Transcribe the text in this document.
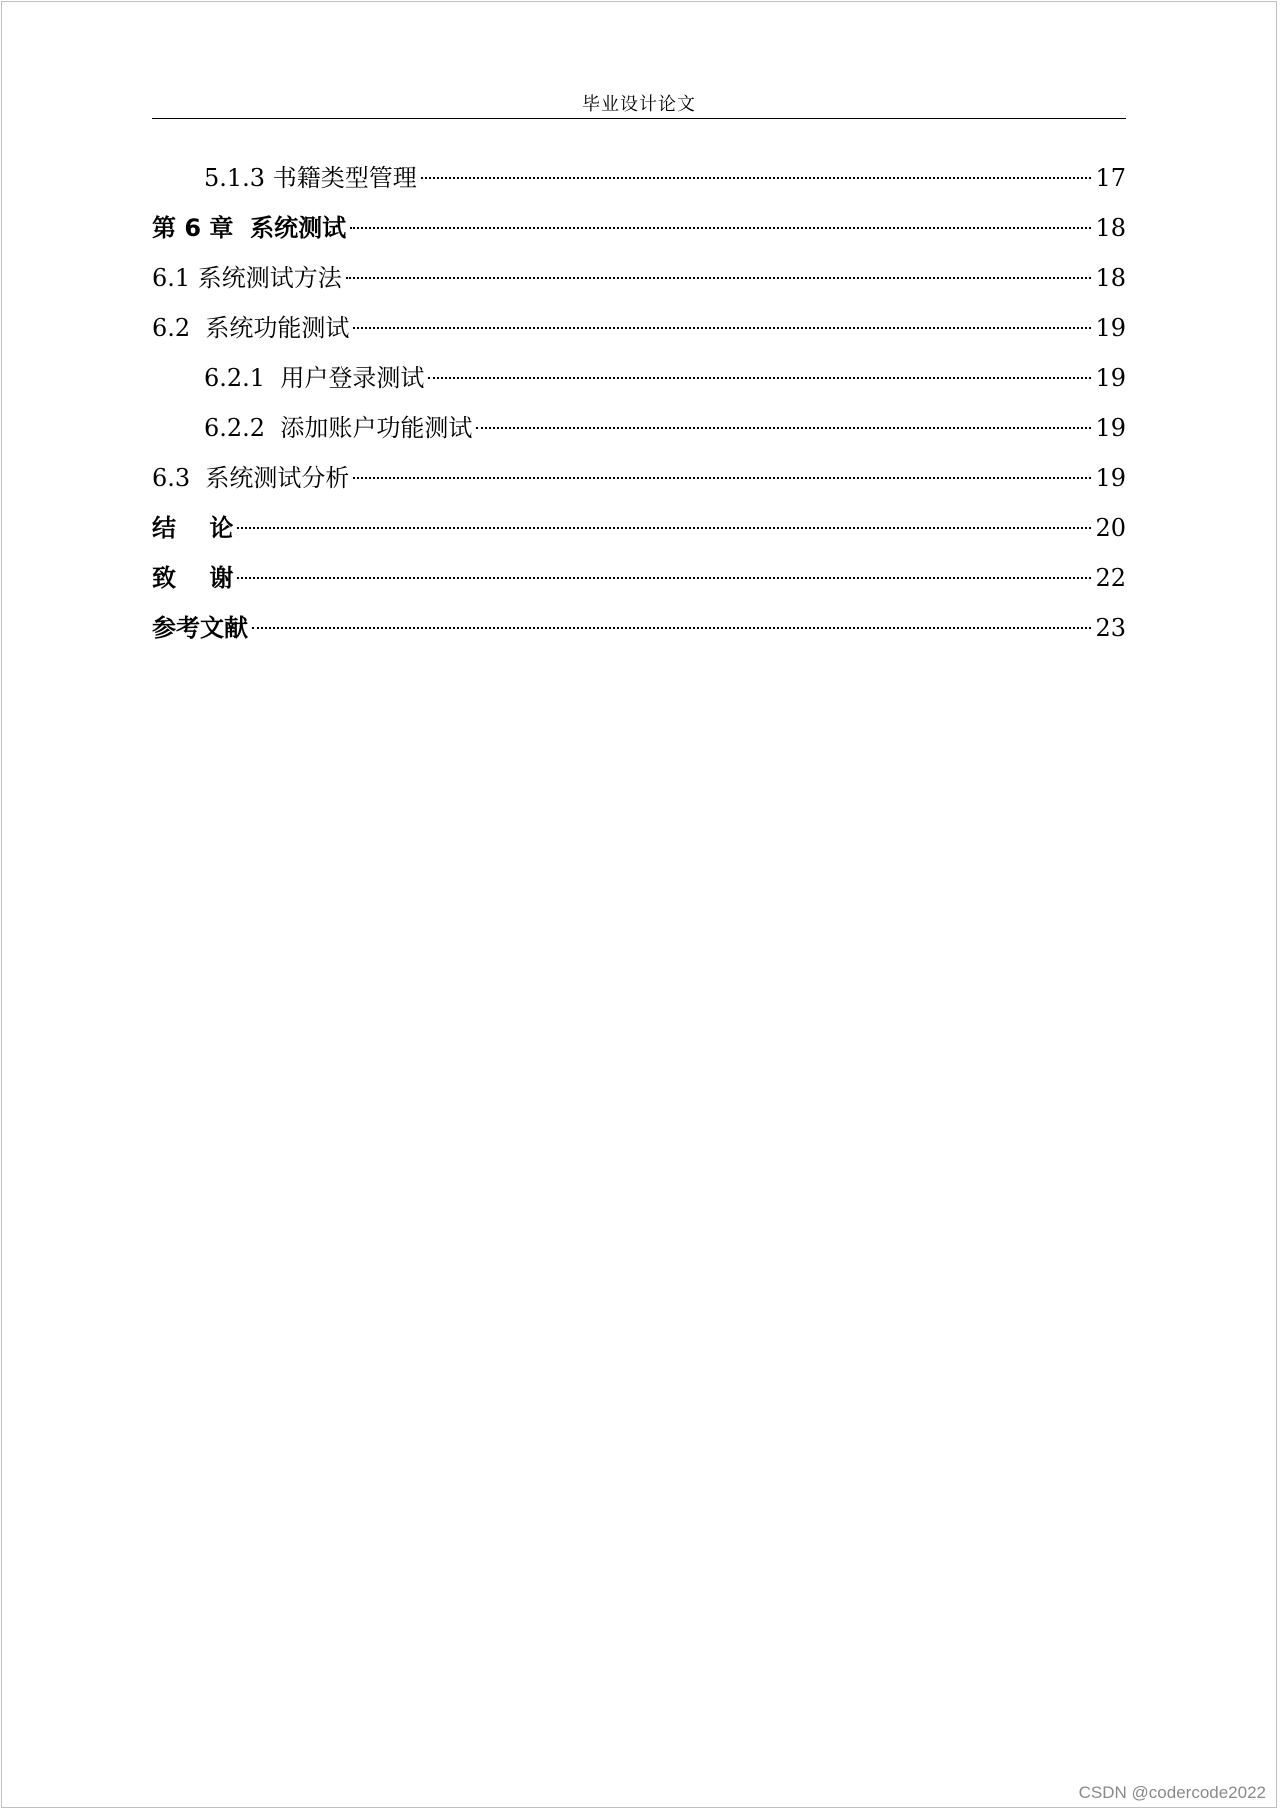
毕业设计论文
5.1.3 书籍类型管理	17
第 6 章  系统测试	18
6.1 系统测试方法	18
6.2  系统功能测试	19
6.2.1  用户登录测试	19
6.2.2  添加账户功能测试	19
6.3  系统测试分析	19
结    论	20
致    谢	22
参考文献	23
CSDN @codercode2022
